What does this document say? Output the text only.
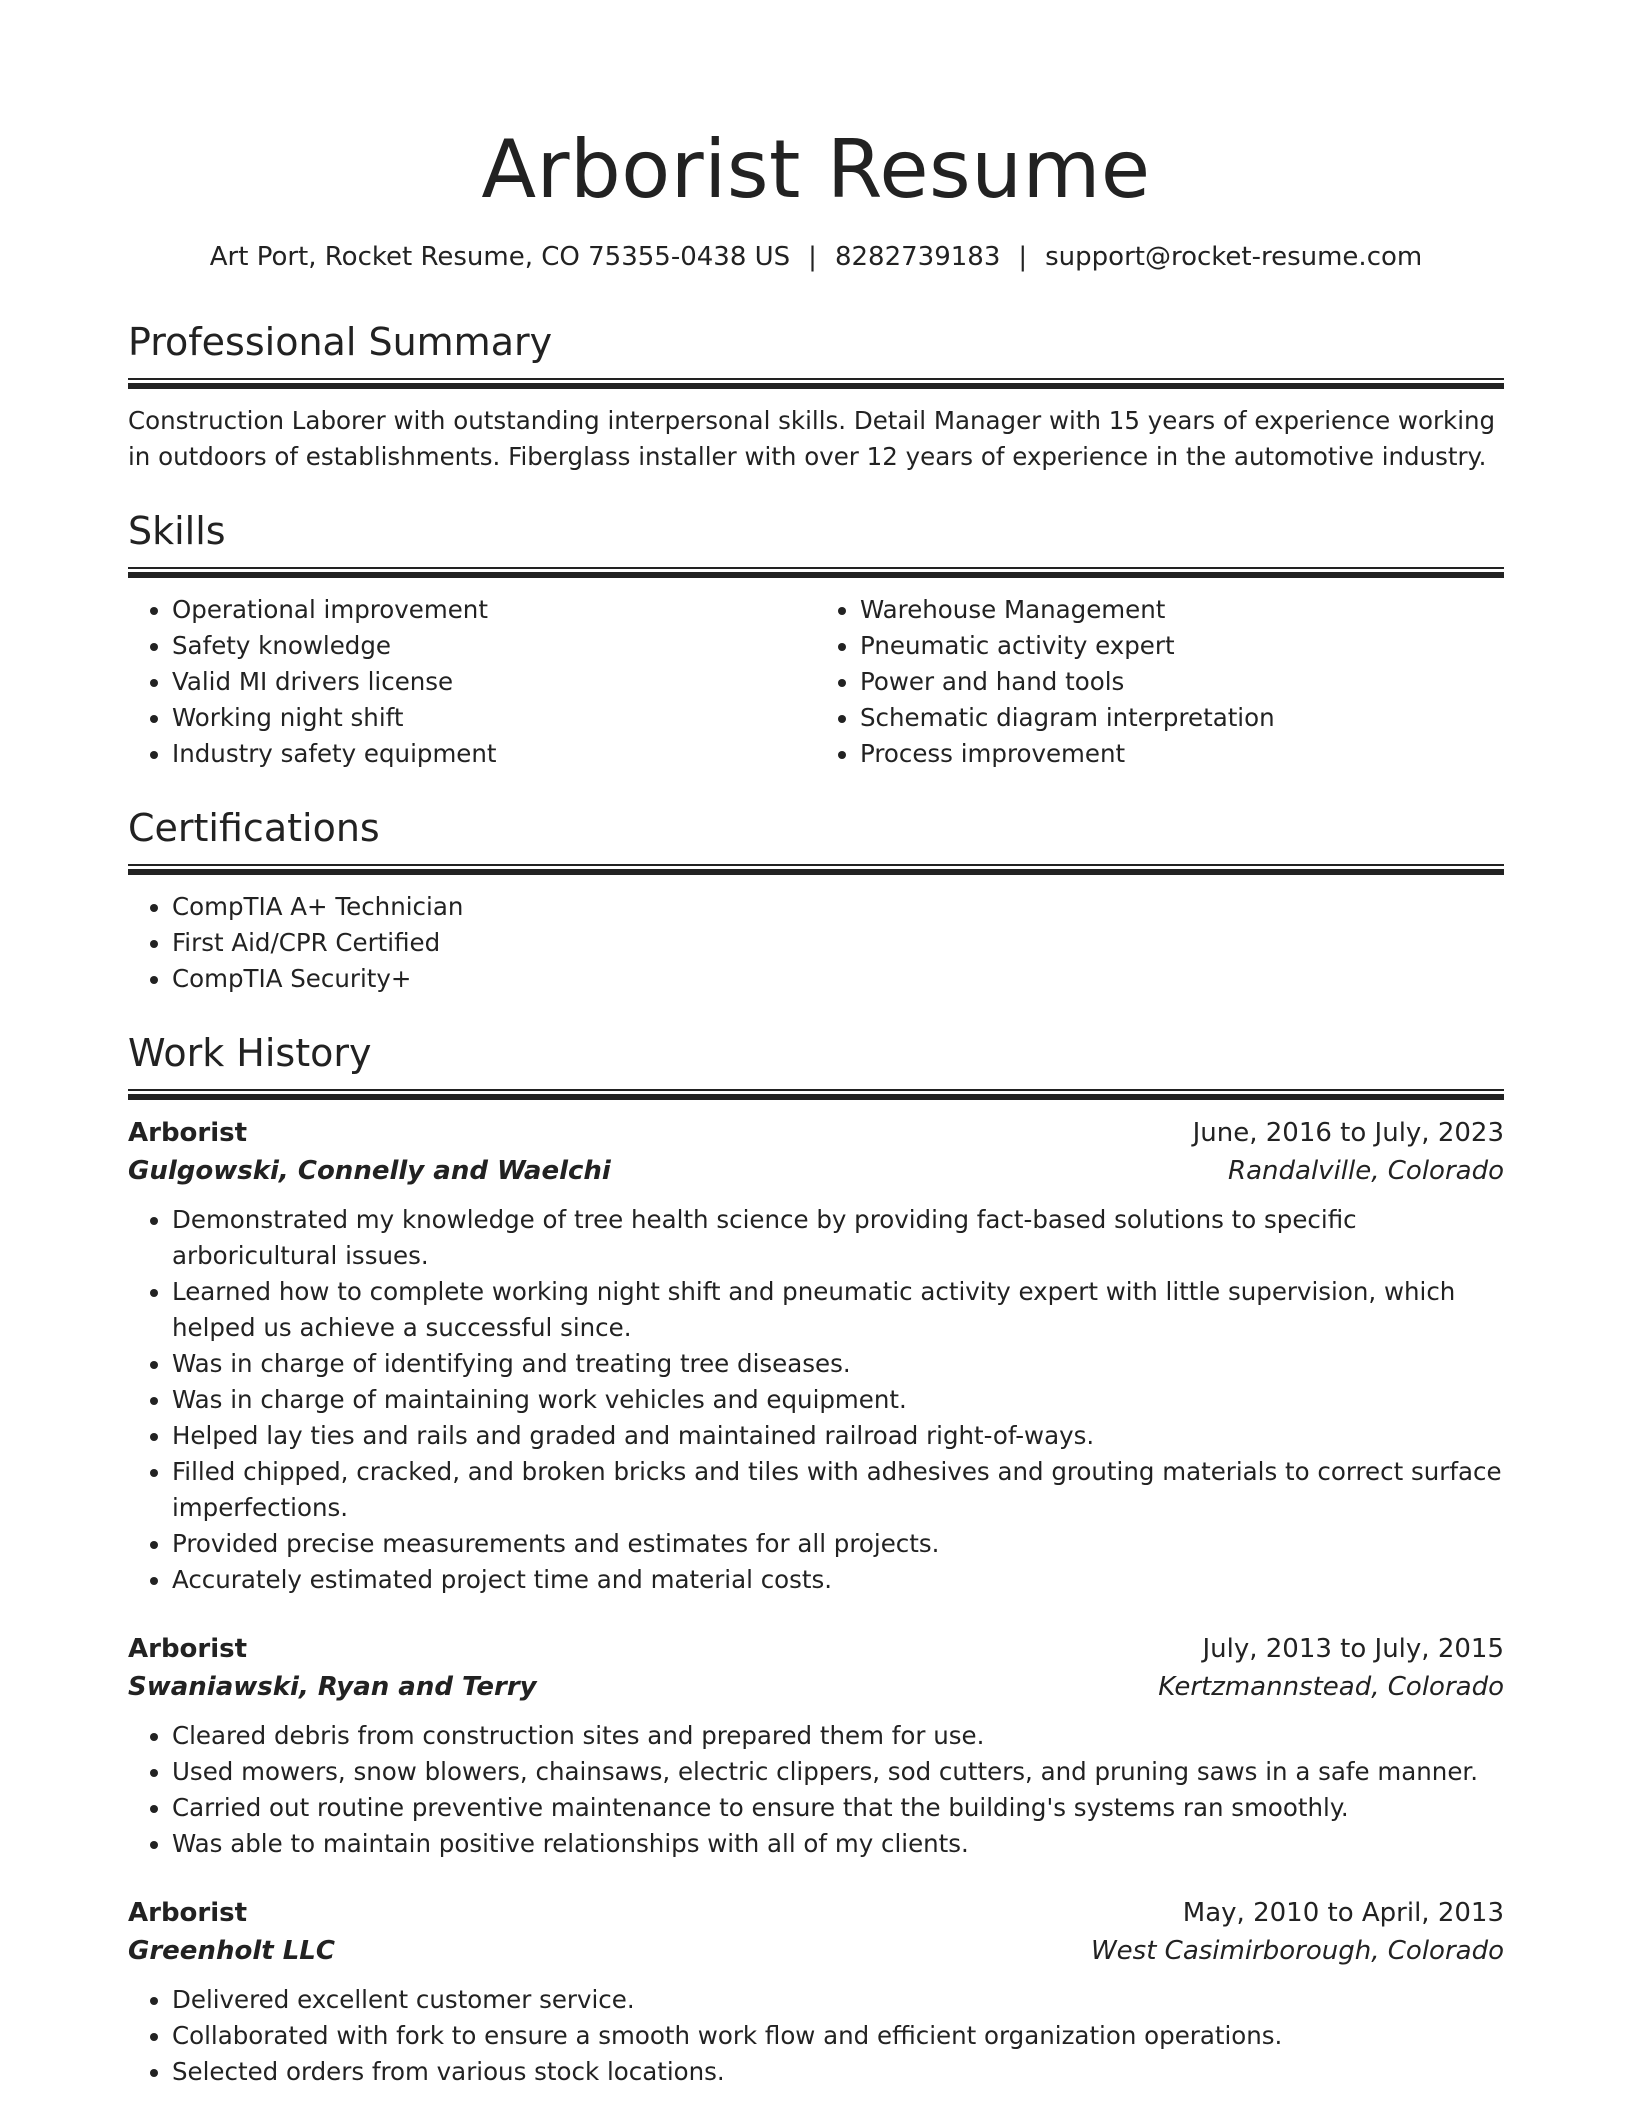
Arborist Resume
Art Port, Rocket Resume, CO 75355-0438 US | 8282739183 | support@rocket-resume.com
Professional Summary

Construction Laborer with outstanding interpersonal skills. Detail Manager with 15 years of experience working in outdoors of establishments. Fiberglass installer with over 12 years of experience in the automotive industry.

Skills
• Operational improvement
• Safety knowledge
• Valid MI drivers license
• Working night shift
• Industry safety equipment
• Warehouse Management
• Pneumatic activity expert
• Power and hand tools
• Schematic diagram interpretation
• Process improvement
Certifications
• CompTIA A+ Technician
• First Aid/CPR Certified
• CompTIA Security+
Work History
Arborist	June, 2016 to July, 2023
Gulgowski, Connelly and Waelchi	Randalville, Colorado
• Demonstrated my knowledge of tree health science by providing fact-based solutions to specific arboricultural issues.
• Learned how to complete working night shift and pneumatic activity expert with little supervision, which helped us achieve a successful since.
• Was in charge of identifying and treating tree diseases.
• Was in charge of maintaining work vehicles and equipment.
• Helped lay ties and rails and graded and maintained railroad right-of-ways.
• Filled chipped, cracked, and broken bricks and tiles with adhesives and grouting materials to correct surface imperfections.
• Provided precise measurements and estimates for all projects.
• Accurately estimated project time and material costs.
Arborist	July, 2013 to July, 2015
Swaniawski, Ryan and Terry	Kertzmannstead, Colorado
• Cleared debris from construction sites and prepared them for use.
• Used mowers, snow blowers, chainsaws, electric clippers, sod cutters, and pruning saws in a safe manner.
• Carried out routine preventive maintenance to ensure that the building's systems ran smoothly.
• Was able to maintain positive relationships with all of my clients.
Arborist	May, 2010 to April, 2013
Greenholt LLC	West Casimirborough, Colorado
• Delivered excellent customer service.
• Collaborated with fork to ensure a smooth work flow and efficient organization operations.
• Selected orders from various stock locations.
